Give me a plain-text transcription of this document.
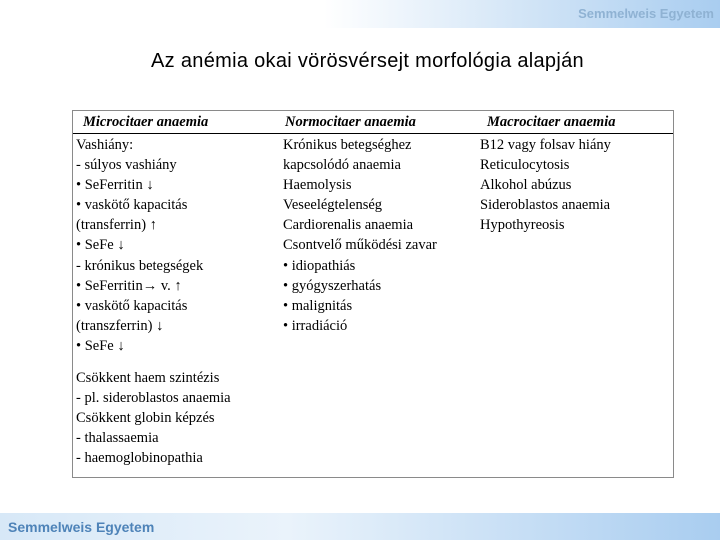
Semmelweis Egyetem
Az anémia okai vörösvérsejt morfológia alapján
Microcitaer anaemia	Normocitaer anaemia	Macrocitaer anaemia
Vashiány:
- súlyos vashiány
• SeFerritin ↓
• vaskötő kapacitás
(transferrin) ↑
• SeFe ↓
- krónikus betegségek
• SeFerritin→ v. ↑
• vaskötő kapacitás
(transzferrin) ↓
• SeFe ↓
Csökkent haem szintézis
- pl. sideroblastos anaemia
Csökkent globin képzés
- thalassaemia
- haemoglobinopathia
Krónikus betegséghez
kapcsolódó anaemia
Haemolysis
Veseelégtelenség
Cardiorenalis anaemia
Csontvelő működési zavar
• idiopathiás
• gyógyszerhatás
• malignitás
• irradiáció
B12 vagy folsav hiány
Reticulocytosis
Alkohol abúzus
Sideroblastos anaemia
Hypothyreosis
Semmelweis Egyetem
